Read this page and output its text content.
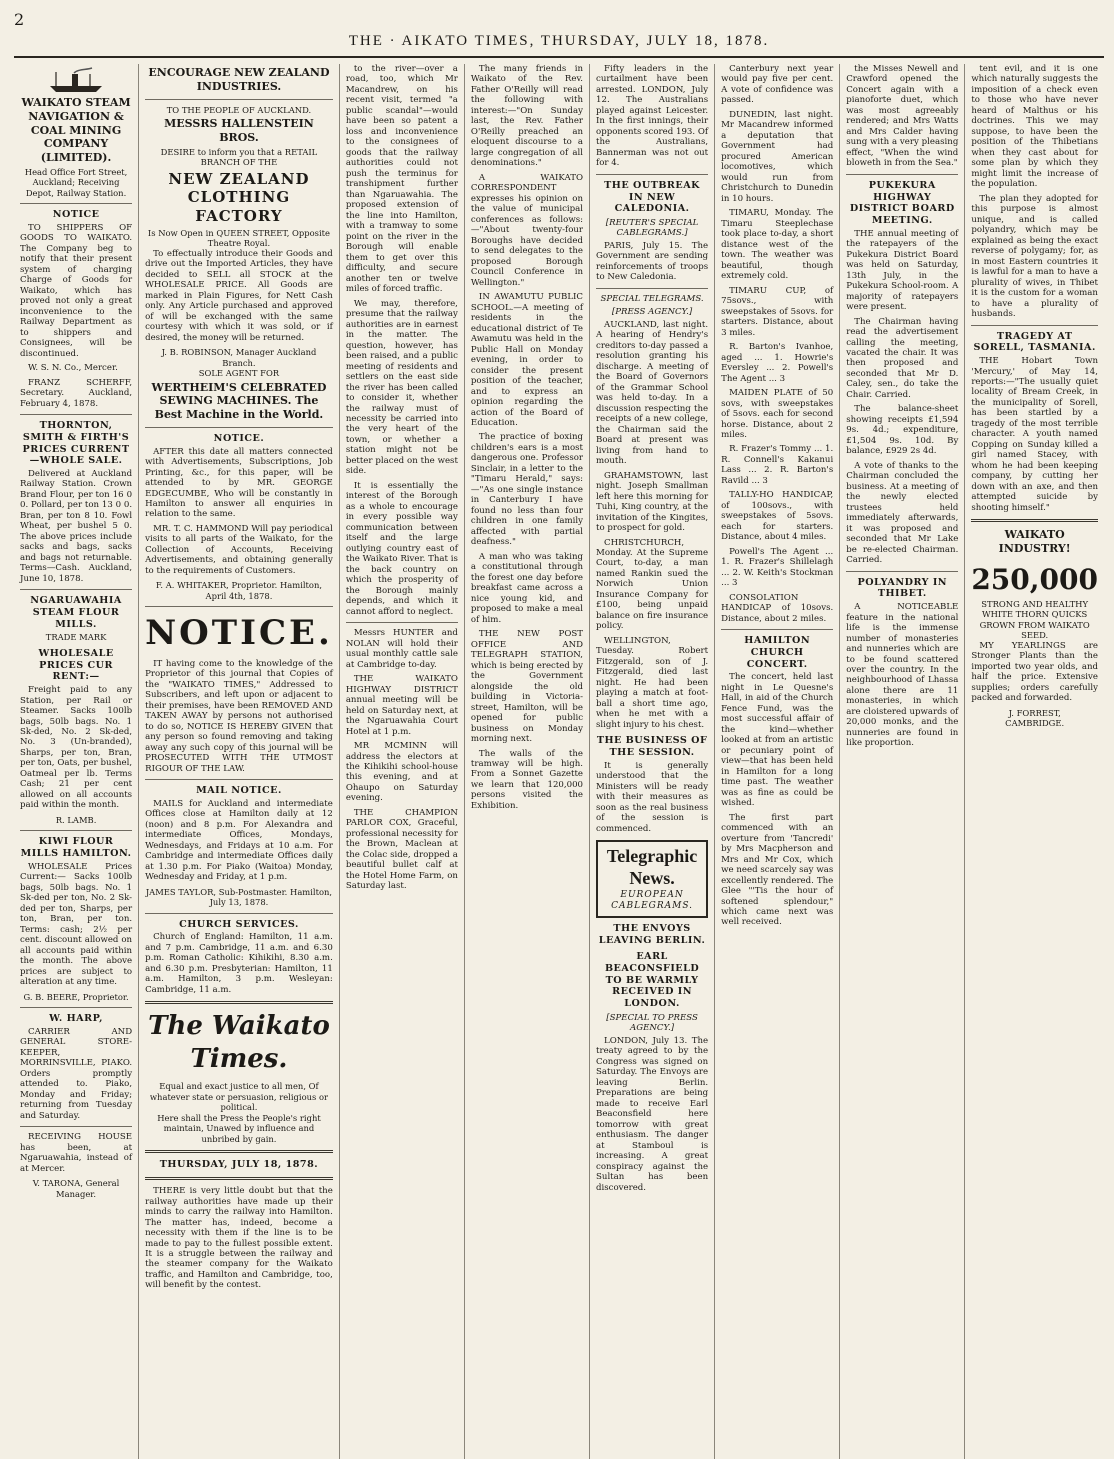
2
THE · AIKATO TIMES, THURSDAY, JULY 18, 1878.
WAIKATO STEAM NAVIGATION & COAL MINING COMPANY (LIMITED).
Head Office Fort Street, Auckland; Receiving Depot, Railway Station.
NOTICE

TO SHIPPERS OF GOODS TO WAIKATO. The Company beg to notify that their present system of charging Charge of Goods for Waikato, which has proved not only a great inconvenience to the Railway Department as to shippers and Consignees, will be discontinued.

W. S. N. Co., Mercer.

FRANZ SCHERFF, Secretary. Auckland, February 4, 1878.

THORNTON, SMITH & FIRTH'S PRICES CURRENT—WHOLE SALE.

Delivered at Auckland Railway Station. Crown Brand Flour, per ton 16 0 0. Pollard, per ton 13 0 0. Bran, per ton 8 10. Fowl Wheat, per bushel 5 0. The above prices include sacks and bags, sacks and bags not returnable. Terms—Cash. Auckland, June 10, 1878.

NGARUAWAHIA STEAM FLOUR MILLS.
TRADE MARK
WHOLESALE PRICES CUR RENT:—

Freight paid to any Station, per Rail or Steamer. Sacks 100lb bags, 50lb bags. No. 1 Sk-ded, No. 2 Sk-ded, No. 3 (Un-branded), Sharps, per ton, Bran, per ton, Oats, per bushel, Oatmeal per lb. Terms Cash; 21 per cent allowed on all accounts paid within the month.

R. LAMB.
KIWI FLOUR MILLS HAMILTON.

WHOLESALE Prices Current:— Sacks 100lb bags, 50lb bags. No. 1 Sk-ded per ton, No. 2 Sk-ded per ton, Sharps, per ton, Bran, per ton. Terms: cash; 2½ per cent. discount allowed on all accounts paid within the month. The above prices are subject to alteration at any time.

G. B. BEERE, Proprietor.
W. HARP,

CARRIER AND GENERAL STORE-KEEPER, MORRINSVILLE, PIAKO. Orders promptly attended to. Piako, Monday and Friday; returning from Tuesday and Saturday.

RECEIVING HOUSE has been, at Ngaruawahia, instead of at Mercer.

V. TARONA, General Manager.
ENCOURAGE NEW ZEALAND INDUSTRIES.
TO THE PEOPLE OF AUCKLAND.
MESSRS HALLENSTEIN BROS.
DESIRE to inform you that a RETAIL BRANCH OF THE
NEW ZEALAND CLOTHING FACTORY
Is Now Open in QUEEN STREET, Opposite Theatre Royal.

To effectually introduce their Goods and drive out the Imported Articles, they have decided to SELL all STOCK at the WHOLESALE PRICE. All Goods are marked in Plain Figures, for Nett Cash only. Any Article purchased and approved of will be exchanged with the same courtesy with which it was sold, or if desired, the money will be returned.

J. B. ROBINSON, Manager Auckland Branch.
SOLE AGENT FOR
WERTHEIM'S CELEBRATED SEWING MACHINES. The Best Machine in the World.
NOTICE.

AFTER this date all matters connected with Advertisements, Subscriptions, Job Printing, &c., for this paper, will be attended to by MR. GEORGE EDGECUMBE, Who will be constantly in Hamilton to answer all enquiries in relation to the same.

MR. T. C. HAMMOND Will pay periodical visits to all parts of the Waikato, for the Collection of Accounts, Receiving Advertisements, and obtaining generally to the requirements of Customers.

F. A. WHITAKER, Proprietor. Hamilton, April 4th, 1878.
NOTICE.

IT having come to the knowledge of the Proprietor of this journal that Copies of the "WAIKATO TIMES," Addressed to Subscribers, and left upon or adjacent to their premises, have been REMOVED AND TAKEN AWAY by persons not authorised to do so, NOTICE IS HEREBY GIVEN that any person so found removing and taking away any such copy of this journal will be PROSECUTED WITH THE UTMOST RIGOUR OF THE LAW.

MAIL NOTICE.

MAILS for Auckland and intermediate Offices close at Hamilton daily at 12 (noon) and 8 p.m. For Alexandra and intermediate Offices, Mondays, Wednesdays, and Fridays at 10 a.m. For Cambridge and intermediate Offices daily at 1.30 p.m. For Piako (Waitoa) Monday, Wednesday and Friday, at 1 p.m.

JAMES TAYLOR, Sub-Postmaster. Hamilton, July 13, 1878.
CHURCH SERVICES.

Church of England: Hamilton, 11 a.m. and 7 p.m. Cambridge, 11 a.m. and 6.30 p.m. Roman Catholic: Kihikihi, 8.30 a.m. and 6.30 p.m. Presbyterian: Hamilton, 11 a.m. Hamilton, 3 p.m. Wesleyan: Cambridge, 11 a.m.

The Waikato Times.
Equal and exact justice to all men, Of whatever state or persuasion, religious or political.
Here shall the Press the People's right maintain, Unawed by influence and unbribed by gain.
THURSDAY, JULY 18, 1878.

THERE is very little doubt but that the railway authorities have made up their minds to carry the railway into Hamilton. The matter has, indeed, become a necessity with them if the line is to be made to pay to the fullest possible extent. It is a struggle between the railway and the steamer company for the Waikato traffic, and Hamilton and Cambridge, too, will benefit by the contest.

to the river—over a road, too, which Mr Macandrew, on his recent visit, termed "a public scandal"—would have been so patent a loss and inconvenience to the consignees of goods that the railway authorities could not push the terminus for transhipment further than Ngaruawahia. The proposed extension of the line into Hamilton, with a tramway to some point on the river in the Borough will enable them to get over this difficulty, and secure another ten or twelve miles of forced traffic.

We may, therefore, presume that the railway authorities are in earnest in the matter. The question, however, has been raised, and a public meeting of residents and settlers on the east side the river has been called to consider it, whether the railway must of necessity be carried into the very heart of the town, or whether a station might not be better placed on the west side.

It is essentially the interest of the Borough as a whole to encourage in every possible way communication between itself and the large outlying country east of the Waikato River. That is the back country on which the prosperity of the Borough mainly depends, and which it cannot afford to neglect.

Messrs HUNTER and NOLAN will hold their usual monthly cattle sale at Cambridge to-day.

THE WAIKATO HIGHWAY DISTRICT annual meeting will be held on Saturday next, at the Ngaruawahia Court Hotel at 1 p.m.

MR MCMINN will address the electors at the Kihikihi school-house this evening, and at Ohaupo on Saturday evening.

THE CHAMPION PARLOR COX, Graceful, professional necessity for the Brown, Maclean at the Colac side, dropped a beautiful bullet calf at the Hotel Home Farm, on Saturday last.

The many friends in Waikato of the Rev. Father O'Reilly will read the following with interest:—"On Sunday last, the Rev. Father O'Reilly preached an eloquent discourse to a large congregation of all denominations."

A WAIKATO CORRESPONDENT expresses his opinion on the value of municipal conferences as follows:—"About twenty-four Boroughs have decided to send delegates to the proposed Borough Council Conference in Wellington."

IN AWAMUTU PUBLIC SCHOOL.—A meeting of residents in the educational district of Te Awamutu was held in the Public Hall on Monday evening, in order to consider the present position of the teacher, and to express an opinion regarding the action of the Board of Education.

The practice of boxing children's ears is a most dangerous one. Professor Sinclair, in a letter to the "Timaru Herald," says:—"As one single instance in Canterbury I have found no less than four children in one family affected with partial deafness."

A man who was taking a constitutional through the forest one day before breakfast came across a nice young kid, and proposed to make a meal of him.

THE NEW POST OFFICE AND TELEGRAPH STATION, which is being erected by the Government alongside the old building in Victoria-street, Hamilton, will be opened for public business on Monday morning next.

The walls of the tramway will be high. From a Sonnet Gazette we learn that 120,000 persons visited the Exhibition.

Fifty leaders in the curtailment have been arrested. LONDON, July 12. The Australians played against Leicester. In the first innings, their opponents scored 193. Of the Australians, Bannerman was not out for 4.

THE OUTBREAK IN NEW CALEDONIA.
[REUTER'S SPECIAL CABLEGRAMS.]

PARIS, July 15. The Government are sending reinforcements of troops to New Caledonia.

SPECIAL TELEGRAMS.
[PRESS AGENCY.]

AUCKLAND, last night. A hearing of Hendry's creditors to-day passed a resolution granting his discharge. A meeting of the Board of Governors of the Grammar School was held to-day. In a discussion respecting the receipts of a new college, the Chairman said the Board at present was living from hand to mouth.

GRAHAMSTOWN, last night. Joseph Smallman left here this morning for Tuhi, King country, at the invitation of the Kingites, to prospect for gold.

CHRISTCHURCH, Monday. At the Supreme Court, to-day, a man named Rankin sued the Norwich Union Insurance Company for £100, being unpaid balance on fire insurance policy.

WELLINGTON, Tuesday. Robert Fitzgerald, son of J. Fitzgerald, died last night. He had been playing a match at foot-ball a short time ago, when he met with a slight injury to his chest.

THE BUSINESS OF THE SESSION.

It is generally understood that the Ministers will be ready with their measures as soon as the real business of the session is commenced.

Telegraphic News.
EUROPEAN CABLEGRAMS.
THE ENVOYS LEAVING BERLIN.
EARL BEACONSFIELD TO BE WARMLY RECEIVED IN LONDON.
[SPECIAL TO PRESS AGENCY.]

LONDON, July 13. The treaty agreed to by the Congress was signed on Saturday. The Envoys are leaving Berlin. Preparations are being made to receive Earl Beaconsfield here tomorrow with great enthusiasm. The danger at Stamboul is increasing. A great conspiracy against the Sultan has been discovered.

Canterbury next year would pay five per cent. A vote of confidence was passed.

DUNEDIN, last night. Mr Macandrew informed a deputation that Government had procured American locomotives, which would run from Christchurch to Dunedin in 10 hours.

TIMARU, Monday. The Timaru Steeplechase took place to-day, a short distance west of the town. The weather was beautiful, though extremely cold.

TIMARU CUP, of 75sovs., with sweepstakes of 5sovs. for starters. Distance, about 3 miles.

R. Barton's Ivanhoe, aged ... 1. Howrie's Eversley ... 2. Powell's The Agent ... 3

MAIDEN PLATE of 50 sovs, with sweepstakes of 5sovs. each for second horse. Distance, about 2 miles.

R. Frazer's Tommy ... 1. R. Connell's Kakanui Lass ... 2. R. Barton's Ravild ... 3

TALLY-HO HANDICAP, of 100sovs., with sweepstakes of 5sovs. each for starters. Distance, about 4 miles.

Powell's The Agent ... 1. R. Frazer's Shillelagh ... 2. W. Keith's Stockman ... 3

CONSOLATION HANDICAP of 10sovs. Distance, about 2 miles.

HAMILTON CHURCH CONCERT.

The concert, held last night in Le Quesne's Hall, in aid of the Church Fence Fund, was the most successful affair of the kind—whether looked at from an artistic or pecuniary point of view—that has been held in Hamilton for a long time past. The weather was as fine as could be wished.

The first part commenced with an overture from 'Tancredi' by Mrs Macpherson and Mrs and Mr Cox, which we need scarcely say was excellently rendered. The Glee "'Tis the hour of softened splendour," which came next was well received.

the Misses Newell and Crawford opened the Concert again with a pianoforte duet, which was most agreeably rendered; and Mrs Watts and Mrs Calder having sung with a very pleasing effect, "When the wind bloweth in from the Sea."

PUKEKURA HIGHWAY DISTRICT BOARD MEETING.

THE annual meeting of the ratepayers of the Pukekura District Board was held on Saturday, 13th July, in the Pukekura School-room. A majority of ratepayers were present.

The Chairman having read the advertisement calling the meeting, vacated the chair. It was then proposed and seconded that Mr D. Caley, sen., do take the Chair. Carried.

The balance-sheet showing receipts £1,594 9s. 4d.; expenditure, £1,504 9s. 10d. By balance, £929 2s 4d.

A vote of thanks to the Chairman concluded the business. At a meeting of the newly elected trustees held immediately afterwards, it was proposed and seconded that Mr Lake be re-elected Chairman. Carried.

POLYANDRY IN THIBET.

A NOTICEABLE feature in the national life is the immense number of monasteries and nunneries which are to be found scattered over the country. In the neighbourhood of Lhassa alone there are 11 monasteries, in which are cloistered upwards of 20,000 monks, and the nunneries are found in like proportion.

tent evil, and it is one which naturally suggests the imposition of a check even to those who have never heard of Malthus or his doctrines. This we may suppose, to have been the position of the Thibetians when they cast about for some plan by which they might limit the increase of the population.

The plan they adopted for this purpose is almost unique, and is called polyandry, which may be explained as being the exact reverse of polygamy; for, as in most Eastern countries it is lawful for a man to have a plurality of wives, in Thibet it is the custom for a woman to have a plurality of husbands.

TRAGEDY AT SORELL, TASMANIA.

THE Hobart Town 'Mercury,' of May 14, reports:—"The usually quiet locality of Bream Creek, in the municipality of Sorell, has been startled by a tragedy of the most terrible character. A youth named Copping on Sunday killed a girl named Stacey, with whom he had been keeping company, by cutting her down with an axe, and then attempted suicide by shooting himself."

WAIKATO INDUSTRY!
250,000
STRONG AND HEALTHY WHITE THORN QUICKS
GROWN FROM WAIKATO SEED.

MY YEARLINGS are Stronger Plants than the imported two year olds, and half the price. Extensive supplies; orders carefully packed and forwarded.

J. FORREST,
CAMBRIDGE.
